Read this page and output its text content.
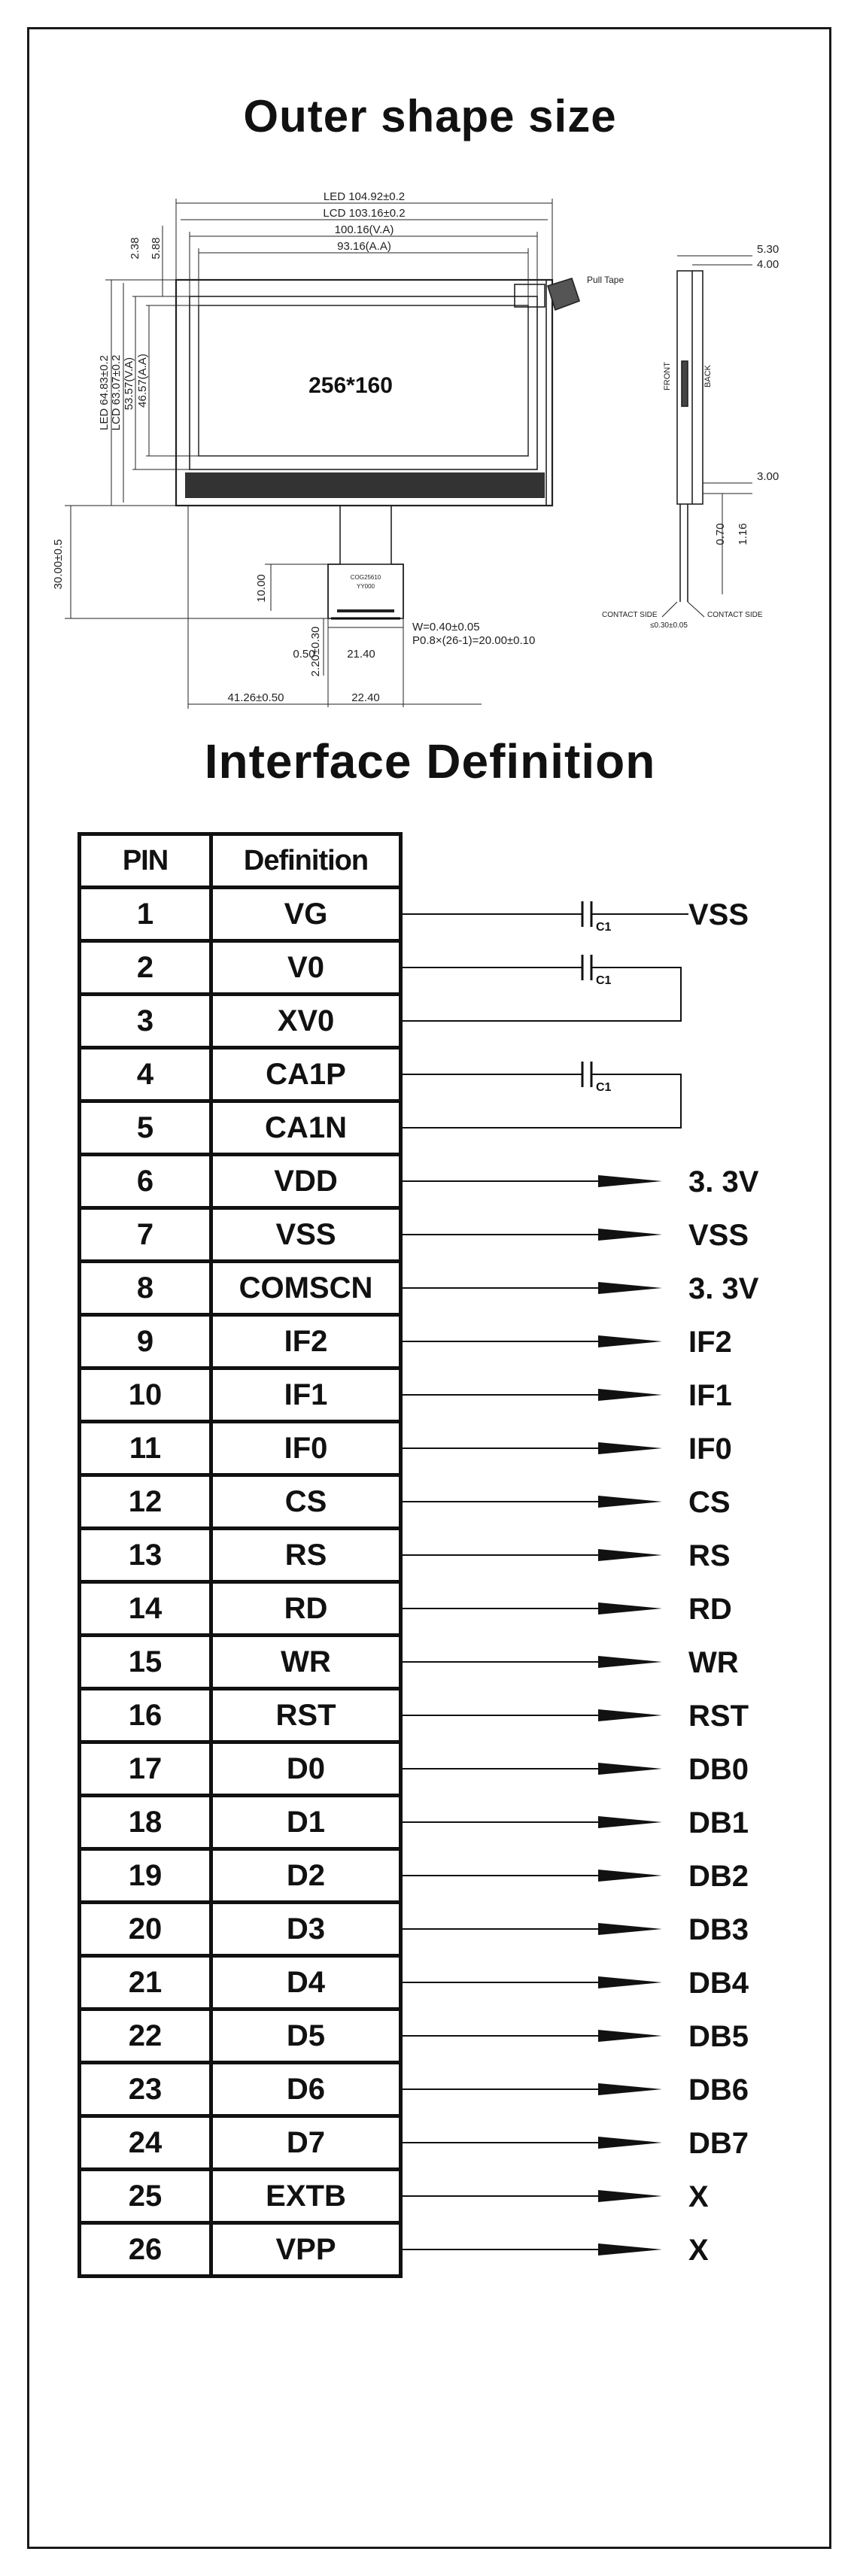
Outer shape size
256*160
Pull Tape
COG25610
YY000
LED 104.92±0.2
LCD 103.16±0.2
100.16(V.A)
93.16(A.A)
LED 64.83±0.2 LCD 63.07±0.2 53.57(V.A) 46.57(A.A)
2.38 5.88
30.00±0.5	10.00
2.20±0.30
0.50	21.40
W=0.40±0.05
P0.8×(26-1)=20.00±0.10
41.26±0.50	22.40
5.30
4.00
3.00
0.70 1.16
FRONT	BACK
CONTACT SIDE	CONTACT SIDE
≤0.30±0.05
Interface Definition
PIN	Definition
1	VG
2	V0
3	XV0
4	CA1P
5	CA1N
6	VDD
7	VSS
8	COMSCN
9	IF2
10	IF1
11	IF0
12	CS
13	RS
14	RD
15	WR
16	RST
17	D0
18	D1
19	D2
20	D3
21	D4
22	D5
23	D6
24	D7
25	EXTB
26	VPP
C1	VSS
C1
C1
3. 3V
VSS
3. 3V
IF2
IF1
IF0
CS
RS
RD
WR
RST
DB0
DB1
DB2
DB3
DB4
DB5
DB6
DB7
X
X
